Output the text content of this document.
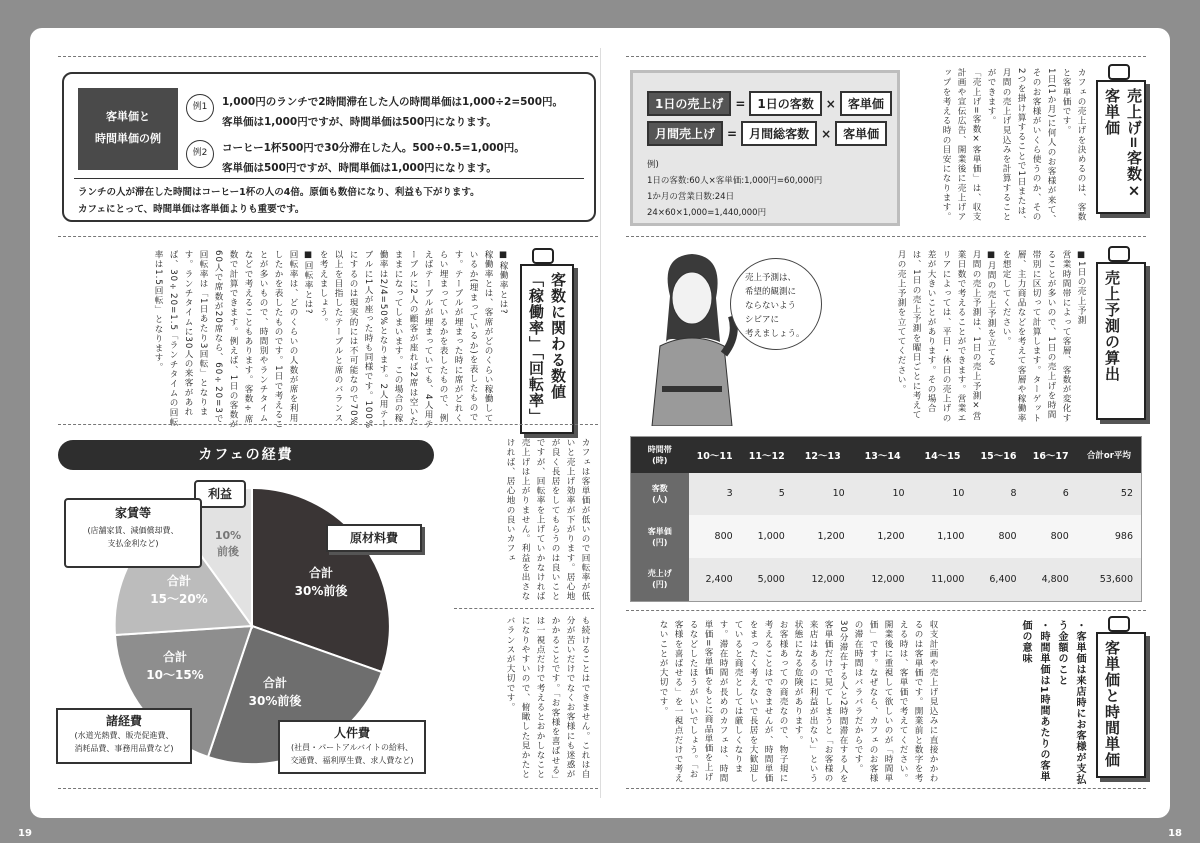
客単価と
時間単価の例
例1	1,000円のランチで2時間滞在した人の時間単価は1,000÷2=500円。
客単価は1,000円ですが、時間単価は500円になります。
例2	コーヒー1杯500円で30分滞在した人。500÷0.5=1,000円。
客単価は500円ですが、時間単価は1,000円になります。
ランチの人が滞在した時間はコーヒー1杯の人の4倍。原価も数倍になり、利益も下がります。
カフェにとって、時間単価は客単価よりも重要です。
客数に関わる数値「稼働率」「回転率」
■稼働率とは?
稼働率とは、客席がどのくらい稼働しているか(埋まっているか)を表したものです。テーブルが埋まった時に席がどれくらい埋まっているかを表したもので、例えばテーブルが埋まっていても、4人用テーブルに2人の顧客が座れば2席は空いたままになってしまいます。この場合の稼働率は2/4=50%となります。2人用テーブルに1人が座った時も同様です。100%にするのは現実的には不可能なので70%以上を目指したテーブルと席のバランスを考えましょう。
■回転率とは?
回転率は、どのくらいの人数が席を利用したかを表したものです。1日で考えることが多いもので、時間別やランチタイムなどで考えることもあります。客数÷席数で計算できます。例えば、1日の客数が60人で席数が20席なら、60÷20=3で回転率は「1日あたり3回転」となります。ランチタイムに30人の来客があれば、30÷20=1.5「ランチタイムの回転率は1.5回転」となります。
カフェの経費
合計
30%前後
合計
30%前後
合計
10〜15%
合計
15〜20%
10%
前後
利益
家賃等
(店舗家賃、減価償却費、
支払金利など)	原材料費
諸経費
(水道光熱費、販売促進費、
消耗品費、事務用品費など)
人件費
(社員・パートアルバイトの給料、
交通費、福利厚生費、求人費など)
カフェは客単価が低いので回転率が低いと売上げ効率が下がります。居心地が良く長居をしてもらうのは良いことですが、回転率を上げていかなければ売上げは上がりません。利益を出さなければ、居心地の良いカフェ
も続けることはできません。これは自分が苦いだけでなくお客様にも迷惑がかかることです。「お客様を喜ばせる」は一視点だけで考えるとおかしなことになりやすいので、俯瞰した見かたとバランスが大切です。
1日の売上げ	=	1日の客数	×	客単価
月間売上げ	=	月間総客数	×	客単価
例)
1日の客数:60人×客単価:1,000円=60,000円
1か月の営業日数:24日
24×60×1,000=1,440,000円	カフェの売上げを決めるのは、客数と客単価です。
1日(1か月)に何人のお客様が来て、そのお客様がいくら使うのか、その2つを掛け算することで1日または、月間の売上げ見込みを計算することができます。
「売上げ=客数×客単価」は、収支計画や宣伝広告、開業後に売上げアップを考える時の目安になります。	売上げ=客数×客単価
売上予測は、
希望的観測に
ならないよう
シビアに
考えましょう。
■1日の売上予測
営業時間帯によって客層、客数が変化することが多いので、1日の売上げを時間帯別に区切って計算します。ターゲット層、主力商品などを考えて客層や稼働率を想定してください。
■月間の売上予測を立てる
月間の売上予測は、1日の売上予測×営業日数で考えることができます。営業エリアによっては、平日・休日の売上げの差が大きいことがあります。その場合は、1日の売上予測を曜日ごとに考えて月の売上予測を立ててください。	売上予測の算出
時間帯
(時)	10〜11	11〜12	12〜13	13〜14	14〜15	15〜16	16〜17	合計or平均
客数
(人)	3	5	10	10	10	8	6	52
客単価
(円)	800	1,000	1,200	1,200	1,100	800	800	986
売上げ
(円)	2,400	5,000	12,000	12,000	11,000	6,400	4,800	53,600
収支計画や売上げ見込みに直接かかわるのは客単価です。開業前と数字を考える時は、客単価で考えてください。
開業後に重視して欲しいのが「時間単価」です。なぜなら、カフェのお客様の滞在時間はバラバラだからです。30分滞在する人と2時間滞在する人を客単価だけで見てしまうと「お客様の来店はあるのに利益が出ない」という状態になる危険があります。
お客様あっての商売なので、物子規に考えることはできませんが、時間単価をまったく考えないで長居を大歓迎していると商売としては厳しくなります。滞在時間が長めのカフェは、時間単価=客単価をもとに商品単価を上げるなどしたほうがいいでしょう。「お客様を喜ばせる」を一視点だけで考えないことが大切です。	・客単価は来店時にお客様が支払う金額のこと
・時間単価は1時間あたりの客単価の意味	客単価と時間単価
19	18
